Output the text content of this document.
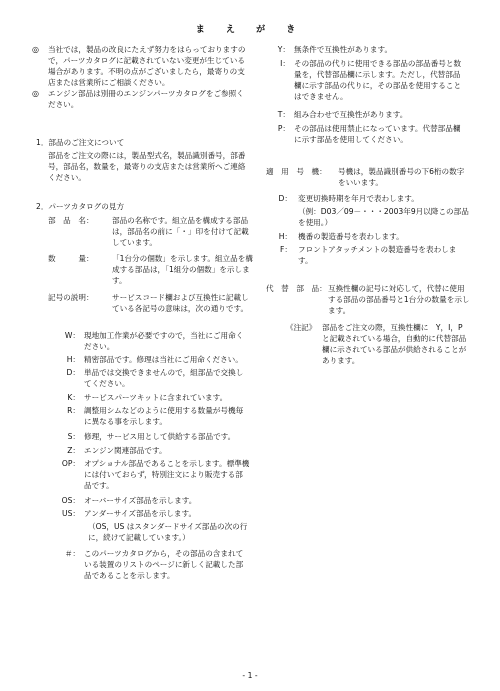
ま え が き
◎ 当社では，製品の改良にたえず努力をはらっておりますので，パーツカタログに記載されていない変更が生じている場合があります。不明の点がございましたら，最寄りの支店または営業所にご相談ください。
◎ エンジン部品は別冊のエンジンパーツカタログをご参照ください。
1．部品のご注文について
部品をご注文の際には，製品型式名，製品識別番号，部番号，部品名，数量を，最寄りの支店または営業所へご連絡ください。
2．パーツカタログの見方
部　品　名： 部品の名称です。組立品を構成する部品は，部品名の前に「・」印を付けて記載しています。
数　　　量： 「1台分の個数」を示します。組立品を構成する部品は，「1組分の個数」を示します。
記号の説明： サービスコード欄および互換性に記載している各記号の意味は，次の通りです。
W： 現地加工作業が必要ですので，当社にご用命ください。
H： 精密部品です。修理は当社にご用命ください。
D： 単品では交換できませんので，組部品で交換してください。
K： サービスパーツキットに含まれています。
R： 調整用シムなどのように使用する数量が号機毎に異なる事を示します。
S： 修理，サービス用として供給する部品です。
Z： エンジン関連部品です。
OP： オプショナル部品であることを示します。標準機には付いておらず，特別注文により販売する部品です。
OS： オーバーサイズ部品を示します。
US： アンダーサイズ部品を示します。
（OS，US はスタンダードサイズ部品の次の行に，続けて記載しています。）
＃： このパーツカタログから，その部品の含まれている装置のリストのページに新しく記載した部品であることを示します。
Y： 無条件で互換性があります。
I： その部品の代りに使用できる部品の部品番号と数量を，代替部品欄に示します。ただし，代替部品欄に示す部品の代りに，その部品を使用することはできません。
T： 組み合わせで互換性があります。
P： その部品は使用禁止になっています。代替部品欄に示す部品を使用してください。
適　用　号　機： 号機は，製品識別番号の下6桁の数字をいいます。
D： 変更切換時期を年月で表わします。
（例：D03／09－・・・2003年9月以降この部品を使用。）
H： 機番の製造番号を表わします。
F： フロントアタッチメントの製造番号を表わします。
代　替　部　品： 互換性欄の記号に対応して，代替に使用する部品の部品番号と1台分の数量を示します。
《注記》 部品をご注文の際，互換性欄に　Y，I，Pと記載されている場合，自動的に代替部品欄に示されている部品が供給されることがあります。
- 1 -
